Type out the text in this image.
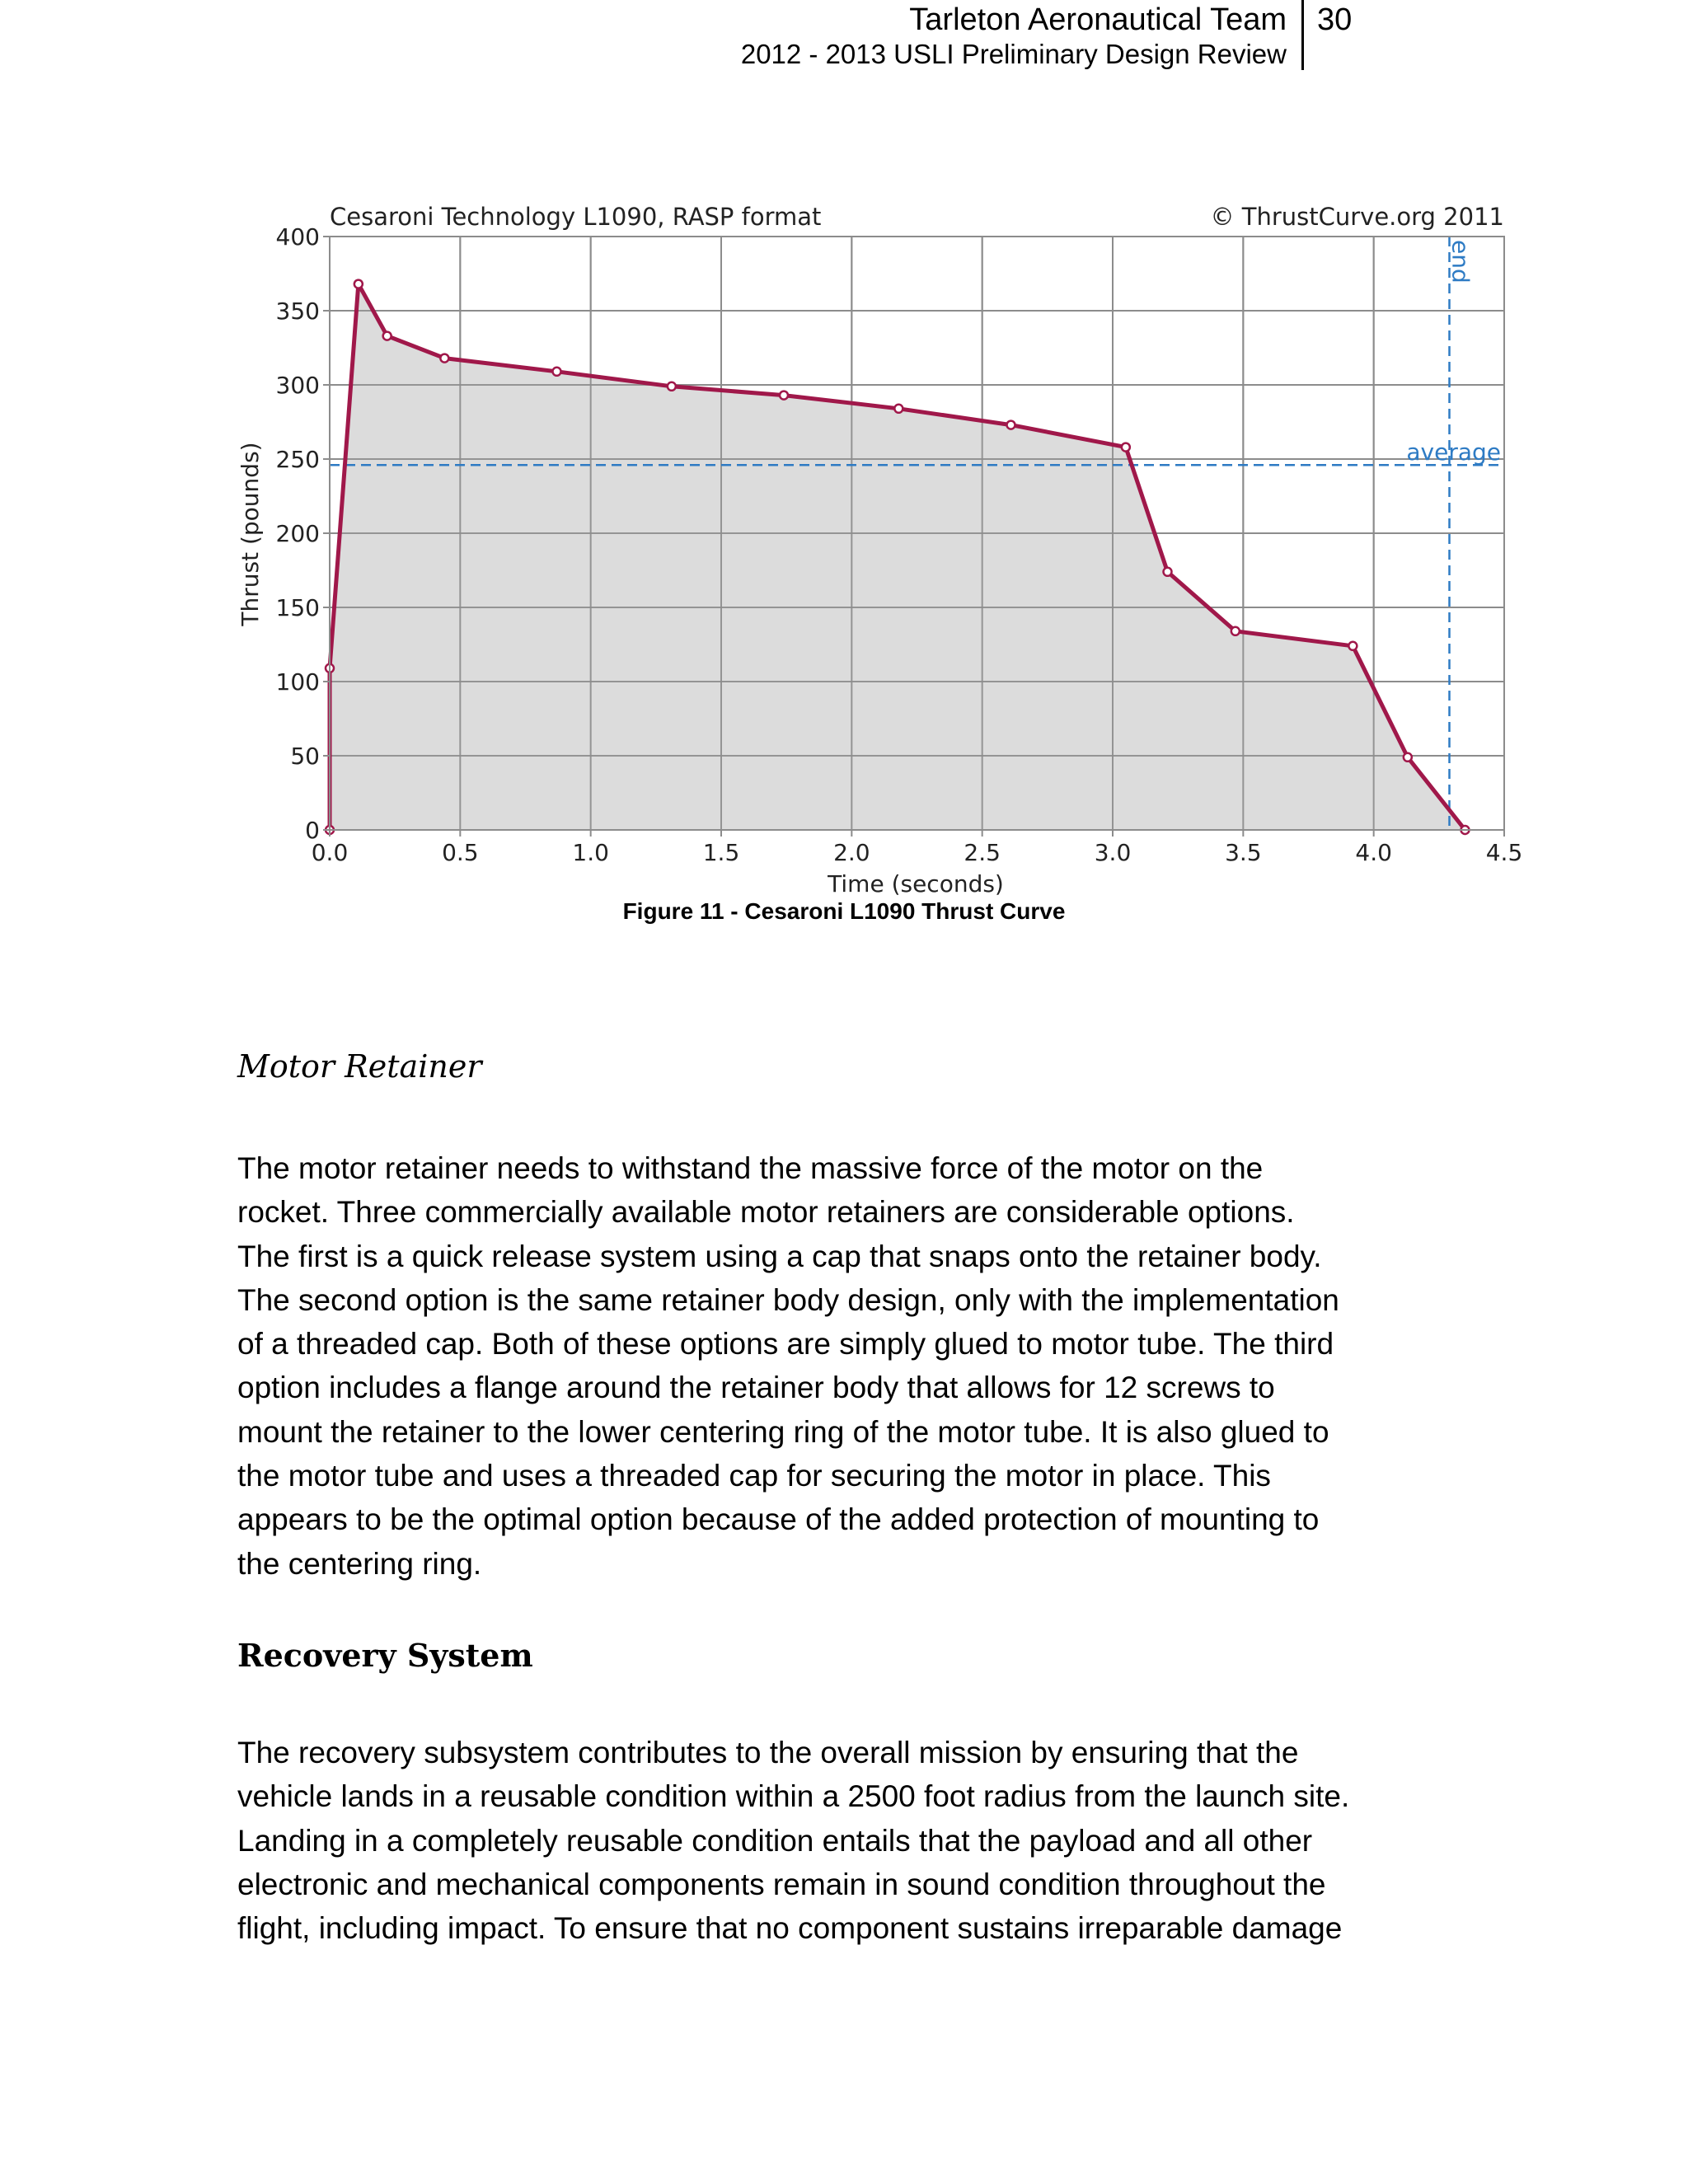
Tarleton Aeronautical Team
2012 - 2013 USLI Preliminary Design Review
30
average
end
0.0	0.5	1.0	1.5	2.0	2.5	3.0	3.5	4.0	4.5
0
50
100
150
200
250
300
350
400
Cesaroni Technology L1090, RASP format	© ThrustCurve.org 2011
Time (seconds)
Thrust (pounds)
Figure 11 - Cesaroni L1090 Thrust Curve
Motor Retainer
The motor retainer needs to withstand the massive force of the motor on the
rocket. Three commercially available motor retainers are considerable options.
The first is a quick release system using a cap that snaps onto the retainer body.
The second option is the same retainer body design, only with the implementation
of a threaded cap. Both of these options are simply glued to motor tube. The third
option includes a flange around the retainer body that allows for 12 screws to
mount the retainer to the lower centering ring of the motor tube. It is also glued to
the motor tube and uses a threaded cap for securing the motor in place. This
appears to be the optimal option because of the added protection of mounting to
the centering ring.
Recovery System
The recovery subsystem contributes to the overall mission by ensuring that the
vehicle lands in a reusable condition within a 2500 foot radius from the launch site.
Landing in a completely reusable condition entails that the payload and all other
electronic and mechanical components remain in sound condition throughout the
flight, including impact. To ensure that no component sustains irreparable damage
